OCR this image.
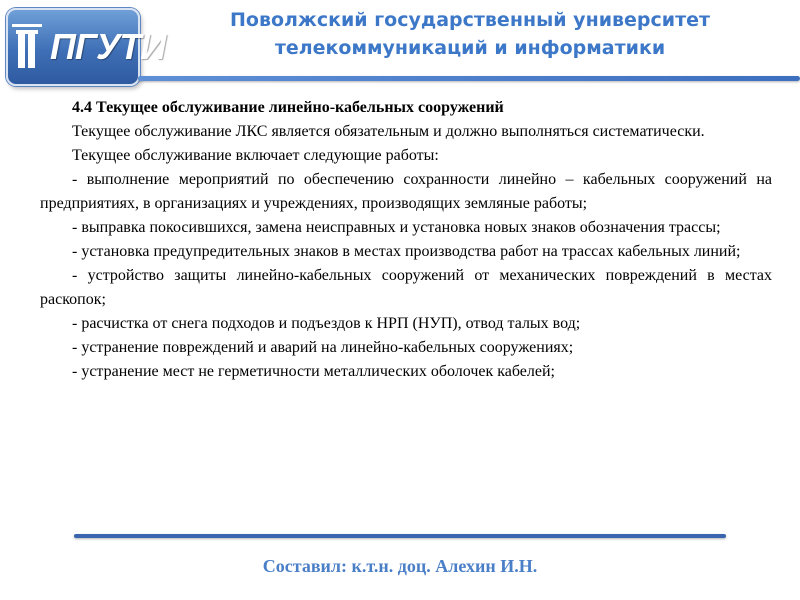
ПГУТИ
Поволжский государственный университет
телекоммуникаций и информатики

4.4 Текущее обслуживание линейно-кабельных сооружений

Текущее обслуживание ЛКС является обязательным и должно выполняться систематически.

Текущее обслуживание включает следующие работы:

- выполнение мероприятий по обеспечению сохранности линейно – кабельных сооружений на предприятиях, в организациях и учреждениях, производящих земляные работы;

- выправка покосившихся, замена неисправных и установка новых знаков обозначения трассы;

- установка предупредительных знаков в местах производства работ на трассах кабельных линий;

- устройство защиты линейно-кабельных сооружений от механических повреждений в местах раскопок;

- расчистка от снега подходов и подъездов к НРП (НУП), отвод талых вод;

- устранение повреждений и аварий на линейно-кабельных сооружениях;

- устранение мест не герметичности металлических оболочек кабелей;

Составил: к.т.н. доц. Алехин И.Н.
